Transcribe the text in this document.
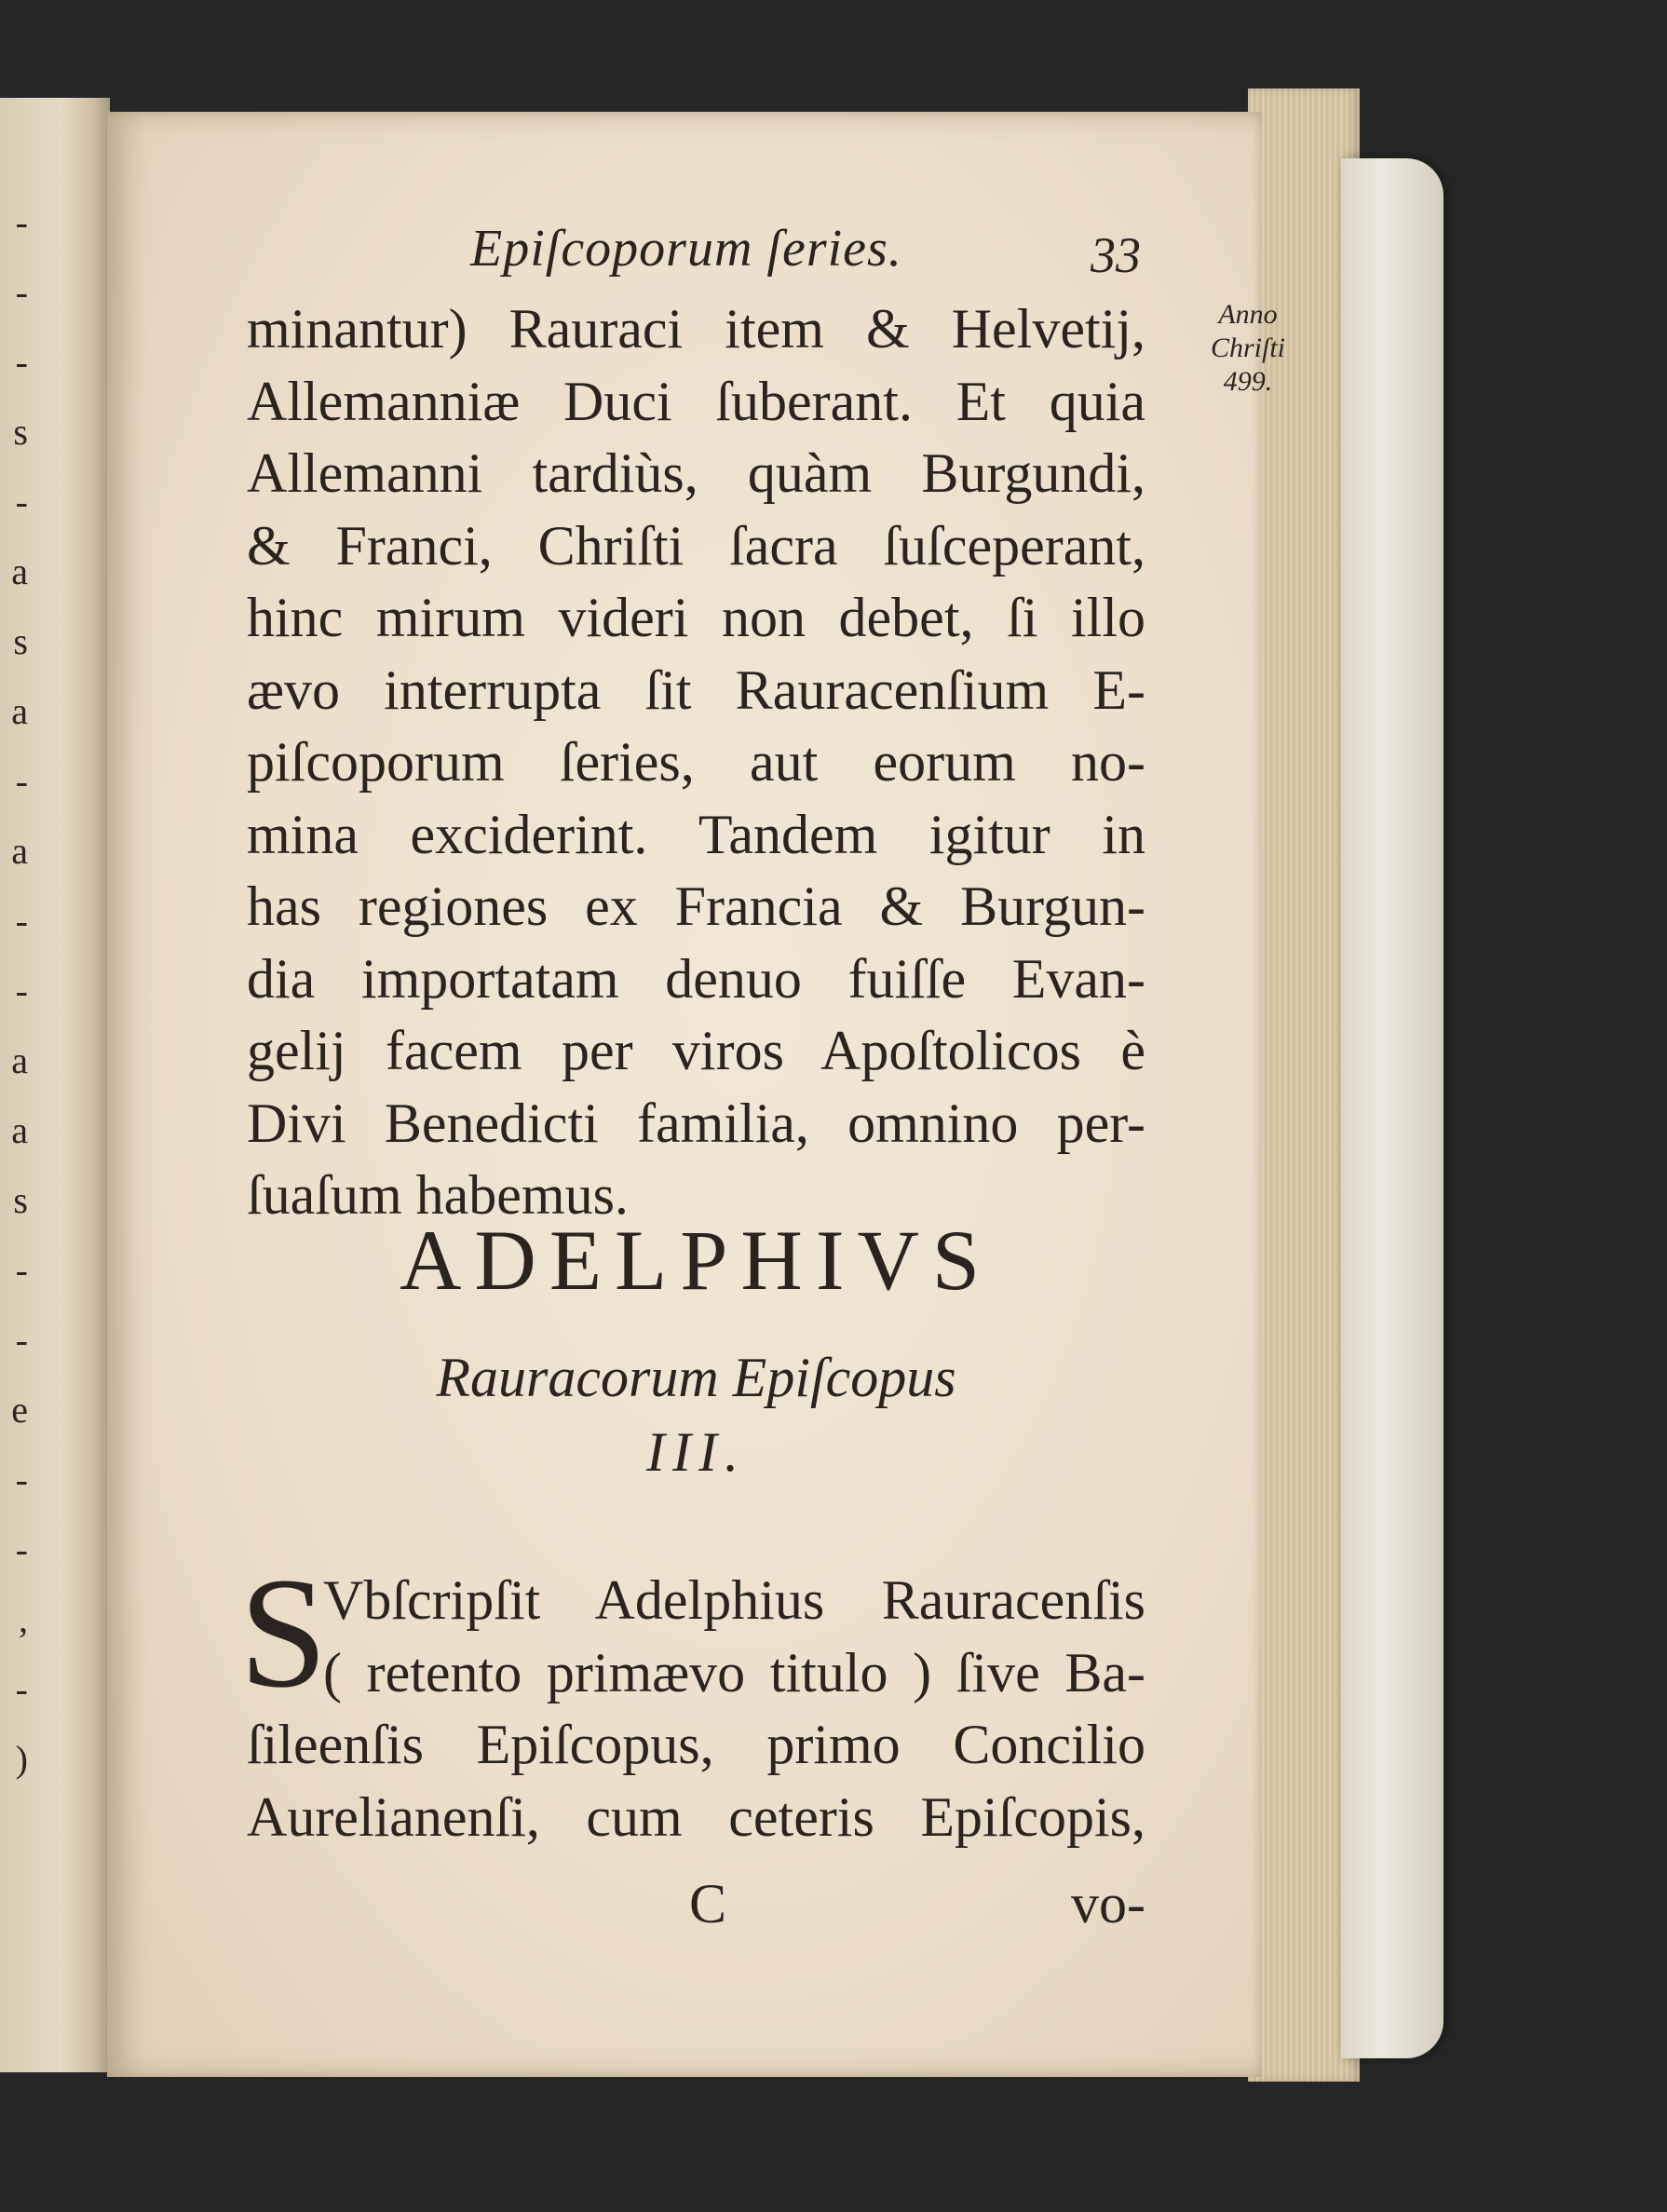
-
-
-
s
-
a
s
a
-
a
-
-
a
a
s
-
-
e
-
-
,
-
)
Epiſcoporum ſeries.	33
minantur) Rauraci item & Helvetij,
Allemanniæ Duci ſuberant. Et quia
Allemanni tardiùs, quàm Burgundi,
& Franci, Chriſti ſacra ſuſceperant,
hinc mirum videri non debet, ſi illo
ævo interrupta ſit Rauracenſium E-
piſcoporum ſeries, aut eorum no-
mina exciderint. Tandem igitur in
has regiones ex Francia & Burgun-
dia importatam denuo fuiſſe Evan-
gelij facem per viros Apoſtolicos è
Divi Benedicti familia, omnino per-
ſuaſum habemus.
Anno
Chriſti
499.
ADELPHIVS
Rauracorum Epiſcopus
III.
S
Vbſcripſit Adelphius Rauracenſis
( retento primævo titulo ) ſive Ba-
ſileenſis Epiſcopus, primo Concilio
Aurelianenſi, cum ceteris Epiſcopis,
C	vo-
